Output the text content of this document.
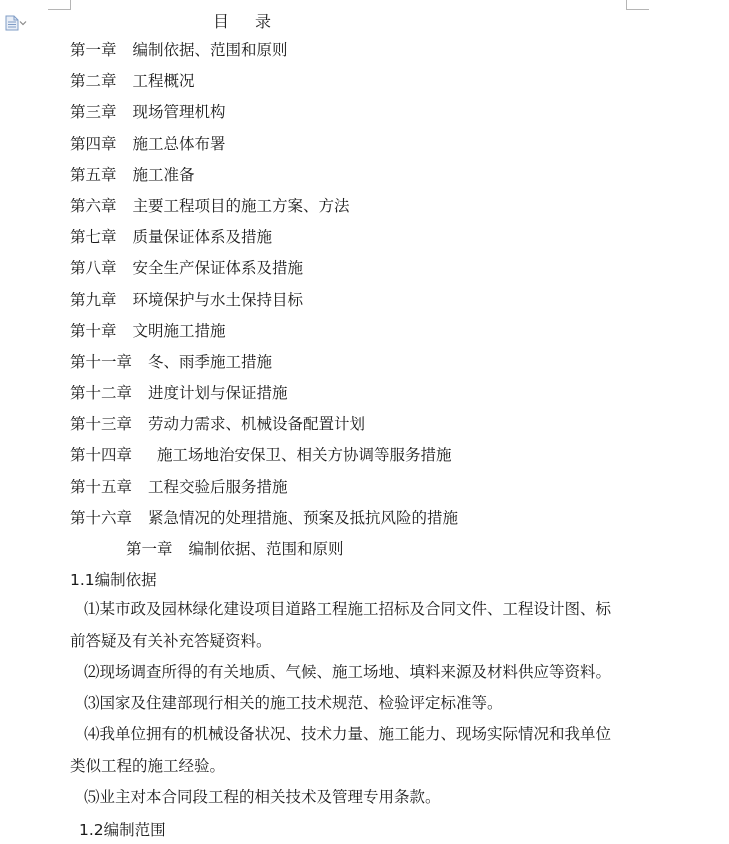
目 录
第一章 编制依据、范围和原则
第二章 工程概况
第三章 现场管理机构
第四章 施工总体布署
第五章 施工准备
第六章 主要工程项目的施工方案、方法
第七章 质量保证体系及措施
第八章 安全生产保证体系及措施
第九章 环境保护与水土保持目标
第十章 文明施工措施
第十一章 冬、雨季施工措施
第十二章 进度计划与保证措施
第十三章 劳动力需求、机械设备配置计划
第十四章 施工场地治安保卫、相关方协调等服务措施
第十五章 工程交验后服务措施
第十六章 紧急情况的处理措施、预案及抵抗风险的措施
第一章 编制依据、范围和原则
1.1编制依据
⑴某市政及园林绿化建设项目道路工程施工招标及合同文件、工程设计图、标
前答疑及有关补充答疑资料。
⑵现场调查所得的有关地质、气候、施工场地、填料来源及材料供应等资料。
⑶国家及住建部现行相关的施工技术规范、检验评定标准等。
⑷我单位拥有的机械设备状况、技术力量、施工能力、现场实际情况和我单位
类似工程的施工经验。
⑸业主对本合同段工程的相关技术及管理专用条款。
1.2编制范围
